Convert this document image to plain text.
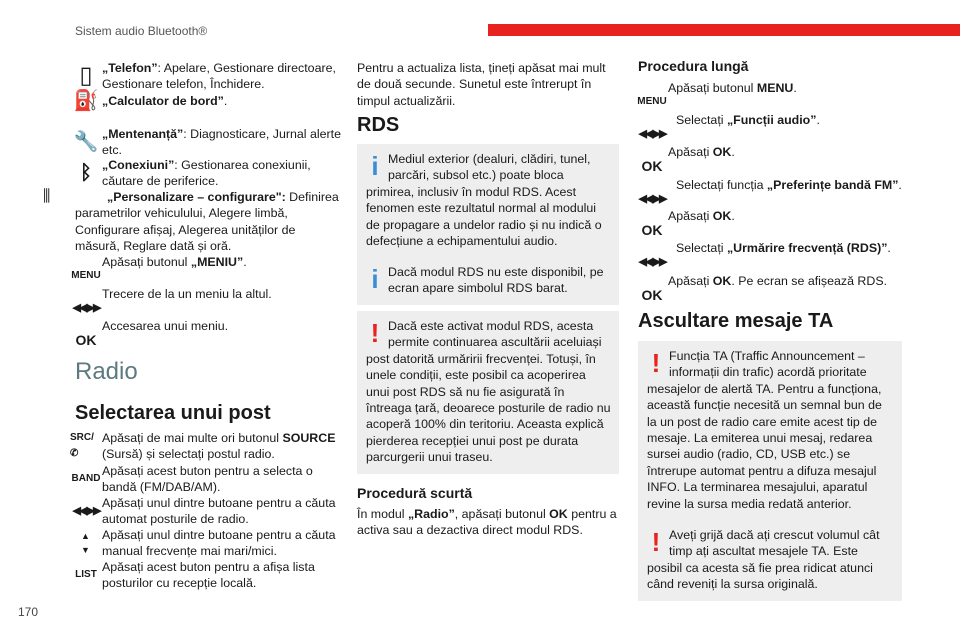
Sistem audio Bluetooth®
170
▯ „Telefon”: Apelare, Gestionare directoare, Gestionare telefon, Închidere.
⛽ „Calculator de bord”.
🔧 „Mentenanță”: Diagnosticare, Jurnal alerte etc.
ᛒ „Conexiuni”: Gestionarea conexiunii, căutare de periferice.
⫼	„Personalizare – configurare": Definirea parametrilor vehiculului, Alegere limbă, Configurare afișaj, Alegerea unităților de măsură, Reglare dată și oră.
MENU
Apăsați butonul „MENIU”.
◀◀ ▶▶
Trecere de la un meniu la altul.
OK
Accesarea unui meniu.
Radio
Selectarea unui post
SRC/✆
Apăsați de mai multe ori butonul SOURCE (Sursă) și selectați postul radio.
BAND
Apăsați acest buton pentru a selecta o bandă (FM/DAB/AM).
◀◀ ▶▶
Apăsați unul dintre butoane pentru a căuta automat posturile de radio.
▲▼
Apăsați unul dintre butoane pentru a căuta manual frecvențe mai mari/mici.
LIST
Apăsați acest buton pentru a afișa lista posturilor cu recepție locală.
Pentru a actualiza lista, țineți apăsat mai mult de două secunde. Sunetul este întrerupt în timpul actualizării.
RDS
i Mediul exterior (dealuri, clădiri, tunel, parcări, subsol etc.) poate bloca primirea, inclusiv în modul RDS. Acest fenomen este rezultatul normal al modului de propagare a undelor radio și nu indică o defecțiune a echipamentului audio.
i Dacă modul RDS nu este disponibil, pe ecran apare simbolul RDS barat.
! Dacă este activat modul RDS, acesta permite continuarea ascultării aceluiași post datorită urmăririi frecvenței. Totuși, în unele condiții, este posibil ca acoperirea unui post RDS să nu fie asigurată în întreaga țară, deoarece posturile de radio nu acoperă 100% din teritoriu. Aceasta explică pierderea recepției unui post pe durata parcurgerii unui traseu.
Procedură scurtă
În modul „Radio”, apăsați butonul OK pentru a activa sau a dezactiva direct modul RDS.
Procedura lungă
MENU
Apăsați butonul MENU.
◀◀ ▶▶
Selectați „Funcții audio”.
OK
Apăsați OK.
◀◀ ▶▶
Selectați funcția „Preferințe bandă FM”.
OK
Apăsați OK.
◀◀ ▶▶
Selectați „Urmărire frecvență (RDS)”.
OK
Apăsați OK. Pe ecran se afișează RDS.
Ascultare mesaje TA
! Funcția TA (Traffic Announcement – informații din trafic) acordă prioritate mesajelor de alertă TA. Pentru a funcționa, această funcție necesită un semnal bun de la un post de radio care emite acest tip de mesaje. La emiterea unui mesaj, redarea sursei audio (radio, CD, USB etc.) se întrerupe automat pentru a difuza mesajul INFO. La terminarea mesajului, aparatul revine la sursa media redată anterior.
! Aveți grijă dacă ați crescut volumul cât timp ați ascultat mesajele TA. Este posibil ca acesta să fie prea ridicat atunci când reveniți la sursa originală.
